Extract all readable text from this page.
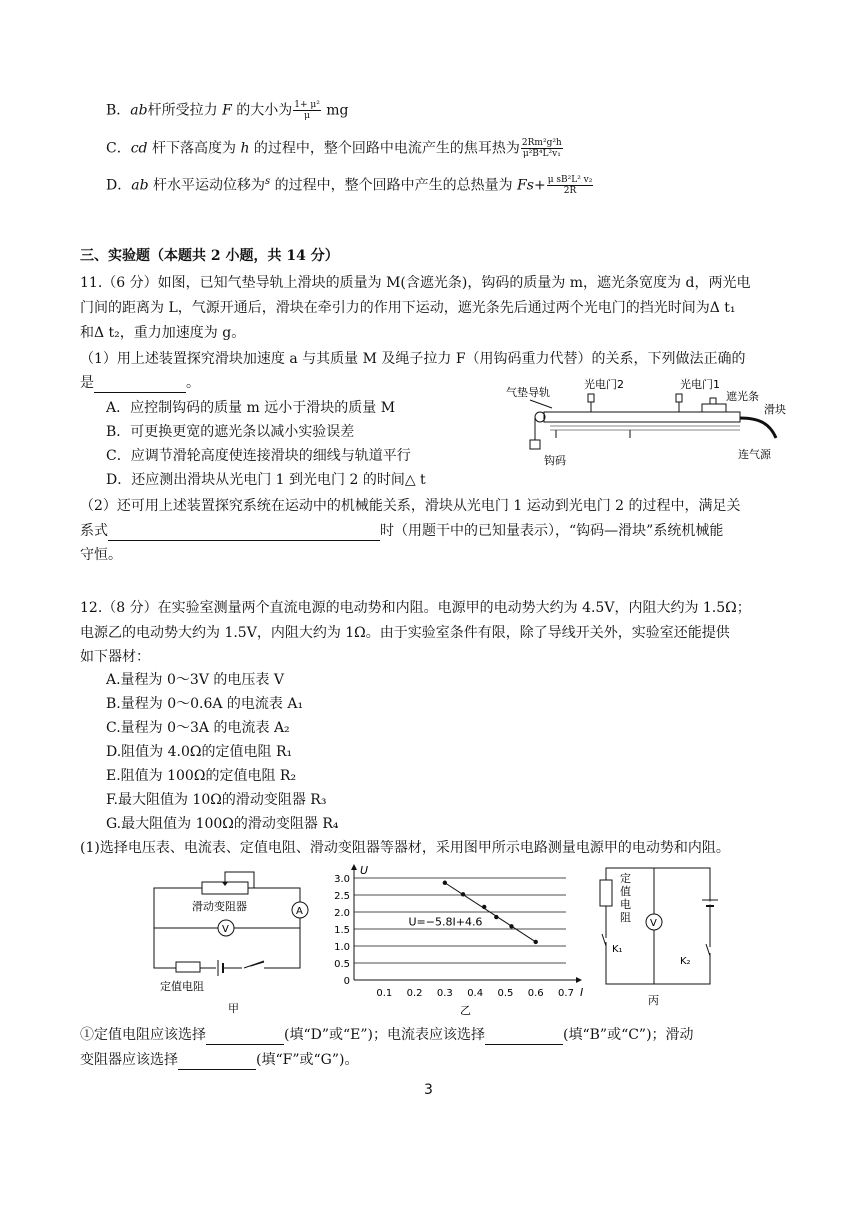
B．ab杆所受拉力 F 的大小为 $\frac{\text{1+ μ²}}{\mu}$ mg
C．cd 杆下落高度为 h 的过程中，整个回路中电流产生的焦耳热为 $\frac{\text{2Rm²g²h}}{\text{μ²B⁴L²v₁}}$
D．ab 杆水平运动位移为$^s$ 的过程中，整个回路中产生的总热量为 $Fs+ \frac{\text{μ sB²L² v₂}}{2R}$
三、实验题（本题共 2 小题，共 14 分）
11.（6 分）如图，已知气垫导轨上滑块的质量为 M(含遮光条)，钩码的质量为 m，遮光条宽度为 d，两光电
门间的距离为 L，气源开通后，滑块在牵引力的作用下运动，遮光条先后通过两个光电门的挡光时间为Δ t₁
和Δ t₂，重力加速度为 g。
（1）用上述装置探究滑块加速度 a 与其质量 M 及绳子拉力 F（用钩码重力代替）的关系，下列做法正确的
是	。
A．应控制钩码的质量 m 远小于滑块的质量 M
B．可更换更宽的遮光条以减小实验误差
C．应调节滑轮高度使连接滑块的细线与轨道平行
D．还应测出滑块从光电门 1 到光电门 2 的时间△ t
气垫导轨
光电门2	光电门1
遮光条
滑块
钩码	连气源
（2）还可用上述装置探究系统在运动中的机械能关系，滑块从光电门 1 运动到光电门 2 的过程中，满足关
系式	时（用题干中的已知量表示），“钩码—滑块”系统机械能
守恒。
12.（8 分）在实验室测量两个直流电源的电动势和内阻。电源甲的电动势大约为 4.5V，内阻大约为 1.5Ω；
电源乙的电动势大约为 1.5V，内阻大约为 1Ω。由于实验室条件有限，除了导线开关外，实验室还能提供
如下器材：
A.量程为 0～3V 的电压表 V
B.量程为 0～0.6A 的电流表 A₁
C.量程为 0～3A 的电流表 A₂
D.阻值为 4.0Ω的定值电阻 R₁
E.阻值为 100Ω的定值电阻 R₂
F.最大阻值为 10Ω的滑动变阻器 R₃
G.最大阻值为 100Ω的滑动变阻器 R₄
(1)选择电压表、电流表、定值电阻、滑动变阻器等器材，采用图甲所示电路测量电源甲的电动势和内阻。
滑动变阻器	A
V
定值电阻
甲
0
0.5
1.0
1.5
2.0
2.5
3.0
0.1 0.2 0.3 0.4 0.5 0.6 0.7
U
I
U=−5.8I+4.6
乙
定值电阻
K₁
V
K₂
丙
①定值电阻应该选择	(填“D”或“E”)；电流表应该选择	(填“B”或“C”)；滑动
变阻器应该选择	(填“F”或“G”)。
3
